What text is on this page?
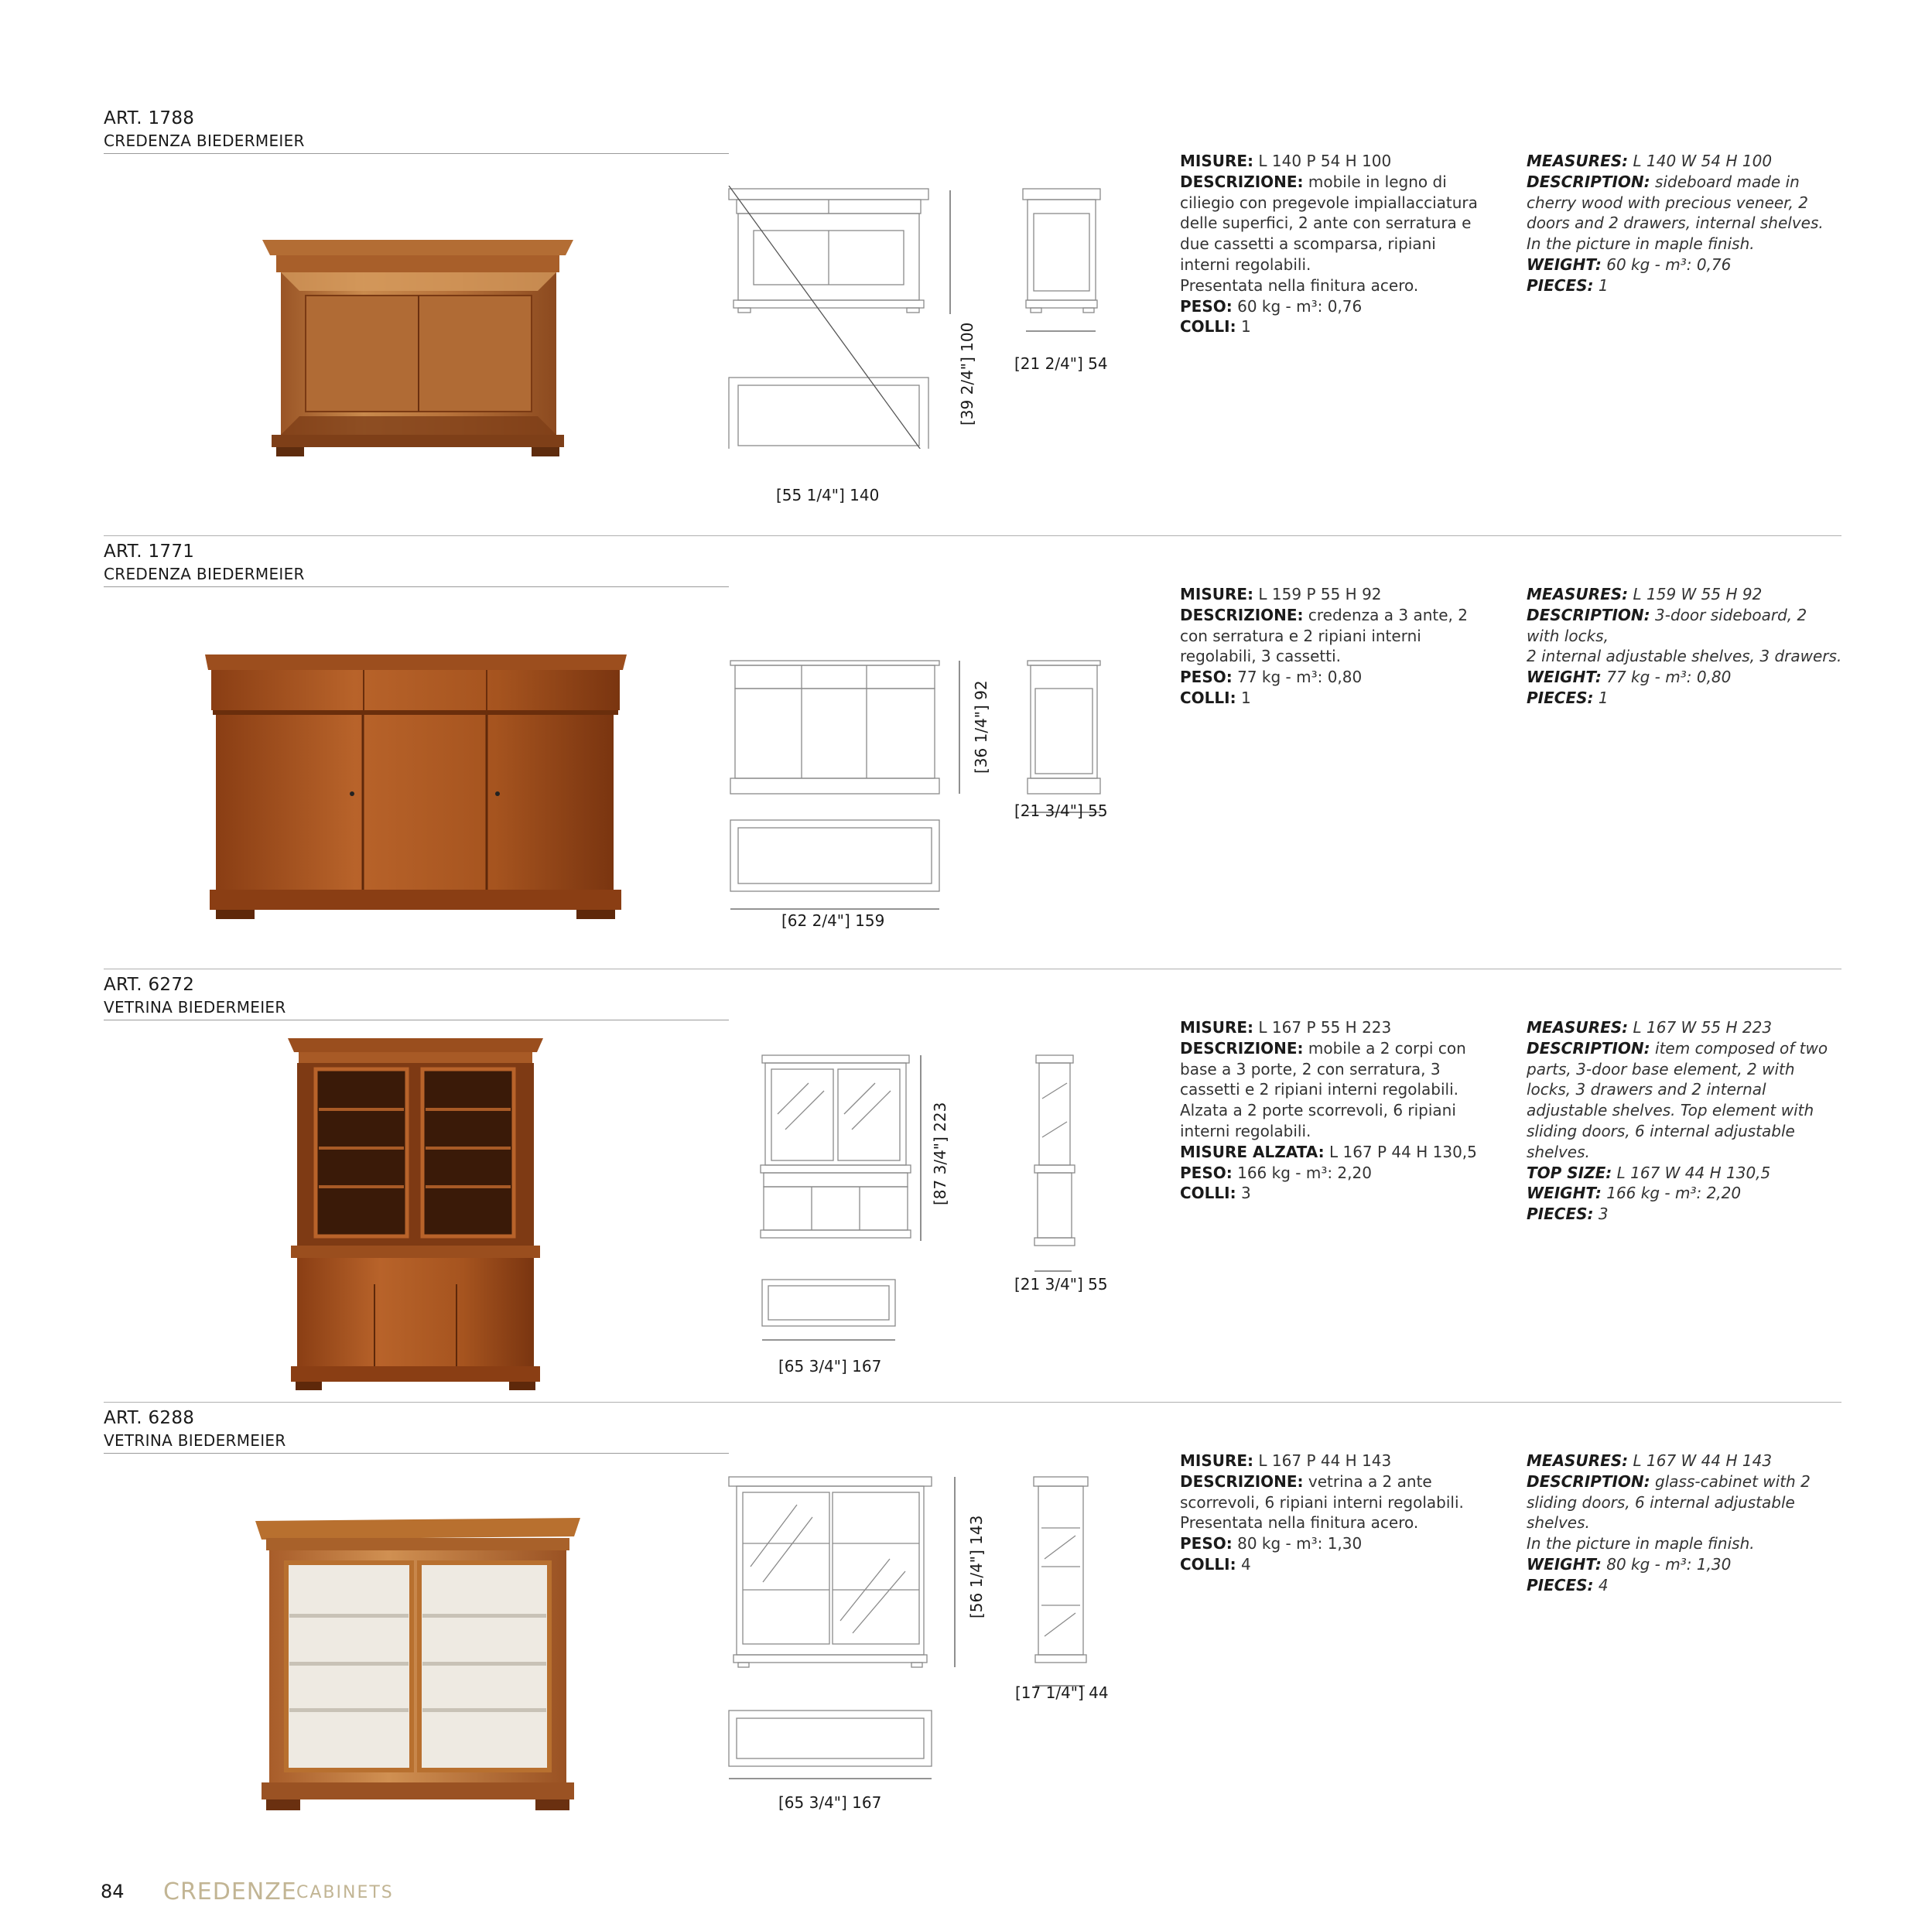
ART. 1788
CREDENZA BIEDERMEIER
[39 2/4"] 100 [21 2/4"] 54
[55 1/4"] 140
MISURE: L 140 P 54 H 100
DESCRIZIONE: mobile in legno di ciliegio con pregevole impiallacciatura delle superfici, 2 ante con serratura e due cassetti a scomparsa, ripiani interni regolabili.
Presentata nella finitura acero.
PESO: 60 kg - m³: 0,76
COLLI: 1
MEASURES: L 140 W 54 H 100
DESCRIPTION: sideboard made in cherry wood with precious veneer, 2 doors and 2 drawers, internal shelves.
In the picture in maple finish.
WEIGHT: 60 kg - m³: 0,76
PIECES: 1
ART. 1771
CREDENZA BIEDERMEIER
[36 1/4"] 92
[21 3/4"] 55
[62 2/4"] 159
MISURE: L 159 P 55 H 92
DESCRIZIONE: credenza a 3 ante, 2 con serratura e 2 ripiani interni regolabili, 3 cassetti.
PESO: 77 kg - m³: 0,80
COLLI: 1
MEASURES: L 159 W 55 H 92
DESCRIPTION: 3-door sideboard, 2 with locks,
2 internal adjustable shelves, 3 drawers.
WEIGHT: 77 kg - m³: 0,80
PIECES: 1
ART. 6272
VETRINA BIEDERMEIER
[87 3/4"] 223
[21 3/4"] 55
[65 3/4"] 167
MISURE: L 167 P 55 H 223
DESCRIZIONE: mobile a 2 corpi con base a 3 porte, 2 con serratura, 3 cassetti e 2 ripiani interni regolabili. Alzata a 2 porte scorrevoli, 6 ripiani interni regolabili.
MISURE ALZATA: L 167 P 44 H 130,5
PESO: 166 kg - m³: 2,20
COLLI: 3
MEASURES: L 167 W 55 H 223
DESCRIPTION: item composed of two parts, 3-door base element, 2 with locks, 3 drawers and 2 internal adjustable shelves. Top element with sliding doors, 6 internal adjustable shelves.
TOP SIZE: L 167 W 44 H 130,5
WEIGHT: 166 kg - m³: 2,20
PIECES: 3
ART. 6288
VETRINA BIEDERMEIER
[56 1/4"] 143
[17 1/4"] 44
[65 3/4"] 167
MISURE: L 167 P 44 H 143
DESCRIZIONE: vetrina a 2 ante scorrevoli, 6 ripiani interni regolabili.
Presentata nella finitura acero.
PESO: 80 kg - m³: 1,30
COLLI: 4
MEASURES: L 167 W 44 H 143
DESCRIPTION: glass-cabinet with 2 sliding doors, 6 internal adjustable shelves.
In the picture in maple finish.
WEIGHT: 80 kg - m³: 1,30
PIECES: 4
84 CREDENZE CABINETS
